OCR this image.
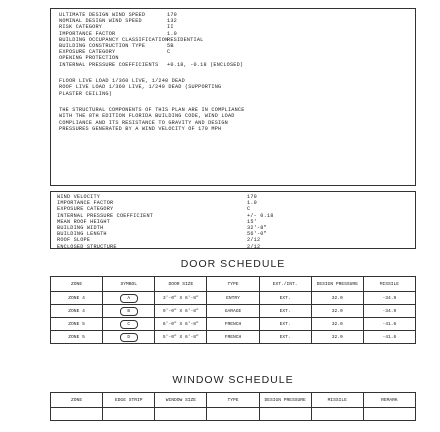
ULTIMATE DESIGN WIND SPEED	170
NOMINAL DESIGN WIND SPEED	132
RISK CATEGORY	II
IMPORTANCE FACTOR	1.0
BUILDING OCCUPANCY CLASSIFICATION
RESIDENTIAL
BUILDING CONSTRUCTION TYPE	5B
EXPOSURE CATEGORY	C
OPENING PROTECTION
INTERNAL PRESSURE COEFFICIENTS	+0.18, -0.18 (ENCLOSED)
FLOOR LIVE LOAD 1/360 LIVE, 1/240 DEAD
ROOF LIVE LOAD 1/360 LIVE, 1/240 DEAD (SUPPORTING
PLASTER CEILING)
THE STRUCTURAL COMPONENTS OF THIS PLAN ARE IN COMPLIANCE
WITH THE 8TH EDITION FLORIDA BUILDING CODE, WIND LOAD
COMPLIANCE AND ITS RESISTANCE TO GRAVITY AND DESIGN
PRESSURES GENERATED BY A WIND VELOCITY OF 170 MPH
WIND VELOCITY	170
IMPORTANCE FACTOR	1.0
EXPOSURE CATEGORY	C
INTERNAL PRESSURE COEFFICIENT	+/- 0.18
MEAN ROOF HEIGHT	15'
BUILDING WIDTH	32'-8"
BUILDING LENGTH	56'-0"
ROOF SLOPE	2/12
ENCLOSED STRUCTURE	2/12
DOOR SCHEDULE
ZONE	SYMBOL	DOOR SIZE	TYPE	EXT./INT.	DESIGN PRESSURE	MISSILE
ZONE 4	A	3'-0" X 6'-8"	ENTRY	EXT.	32.0	-34.9
ZONE 4	B	9'-0" X 6'-8"	GARAGE	EXT.	32.0	-34.9
ZONE 5	C	6'-0" X 6'-8"	FRENCH	EXT.	32.0	-41.6
ZONE 5	D	5'-0" X 6'-8"	FRENCH	EXT.	32.0	-41.6
WINDOW SCHEDULE
ZONE	EDGE STRIP	WINDOW SIZE	TYPE	DESIGN PRESSURE	MISSILE	REMARK
